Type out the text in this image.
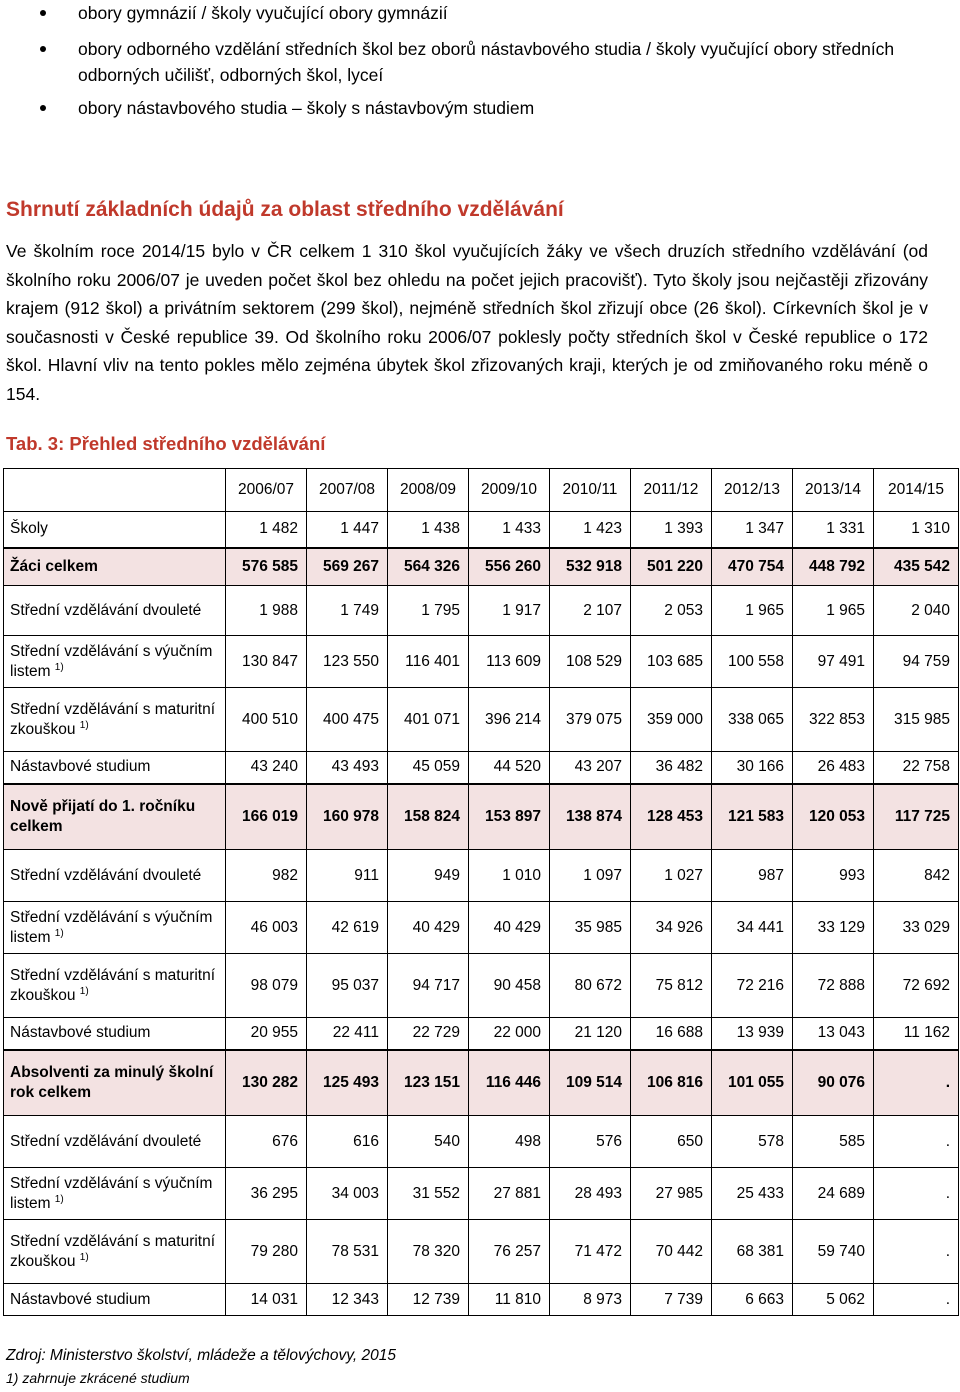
obory gymnázií / školy vyučující obory gymnázií
obory odborného vzdělání středních škol bez oborů nástavbového studia / školy vyučující obory středních odborných učilišť, odborných škol, lyceí
obory nástavbového studia – školy s nástavbovým studiem
Shrnutí základních údajů za oblast středního vzdělávání
Ve školním roce 2014/15 bylo v ČR celkem 1 310 škol vyučujících žáky ve všech druzích středního vzdělávání (od školního roku 2006/07 je uveden počet škol bez ohledu na počet jejich pracovišť). Tyto školy jsou nejčastěji zřizovány krajem (912 škol) a privátním sektorem (299 škol), nejméně středních škol zřizují obce (26 škol). Církevních škol je v současnosti v České republice 39. Od školního roku 2006/07 poklesly počty středních škol v České republice o 172 škol. Hlavní vliv na tento pokles mělo zejména úbytek škol zřizovaných kraji, kterých je od zmiňovaného roku méně o 154.
Tab. 3: Přehled středního vzdělávání
	2006/07	2007/08	2008/09	2009/10	2010/11	2011/12	2012/13	2013/14	2014/15
Školy	1 482	1 447	1 438	1 433	1 423	1 393	1 347	1 331	1 310
Žáci celkem	576 585	569 267	564 326	556 260	532 918	501 220	470 754	448 792	435 542
Střední vzdělávání dvouleté	1 988	1 749	1 795	1 917	2 107	2 053	1 965	1 965	2 040
Střední vzdělávání s výučním listem $^{1)}$	130 847	123 550	116 401	113 609	108 529	103 685	100 558	97 491	94 759
Střední vzdělávání s maturitní zkouškou $^{1)}$	400 510	400 475	401 071	396 214	379 075	359 000	338 065	322 853	315 985
Nástavbové studium	43 240	43 493	45 059	44 520	43 207	36 482	30 166	26 483	22 758
Nově přijatí do 1. ročníku celkem	166 019	160 978	158 824	153 897	138 874	128 453	121 583	120 053	117 725
Střední vzdělávání dvouleté	982	911	949	1 010	1 097	1 027	987	993	842
Střední vzdělávání s výučním listem $^{1)}$	46 003	42 619	40 429	40 429	35 985	34 926	34 441	33 129	33 029
Střední vzdělávání s maturitní zkouškou $^{1)}$	98 079	95 037	94 717	90 458	80 672	75 812	72 216	72 888	72 692
Nástavbové studium	20 955	22 411	22 729	22 000	21 120	16 688	13 939	13 043	11 162
Absolventi za minulý školní rok celkem	130 282	125 493	123 151	116 446	109 514	106 816	101 055	90 076	.
Střední vzdělávání dvouleté	676	616	540	498	576	650	578	585	.
Střední vzdělávání s výučním listem $^{1)}$	36 295	34 003	31 552	27 881	28 493	27 985	25 433	24 689	.
Střední vzdělávání s maturitní zkouškou $^{1)}$	79 280	78 531	78 320	76 257	71 472	70 442	68 381	59 740	.
Nástavbové studium	14 031	12 343	12 739	11 810	8 973	7 739	6 663	5 062	.
Zdroj: Ministerstvo školství, mládeže a tělovýchovy, 2015
1) zahrnuje zkrácené studium
